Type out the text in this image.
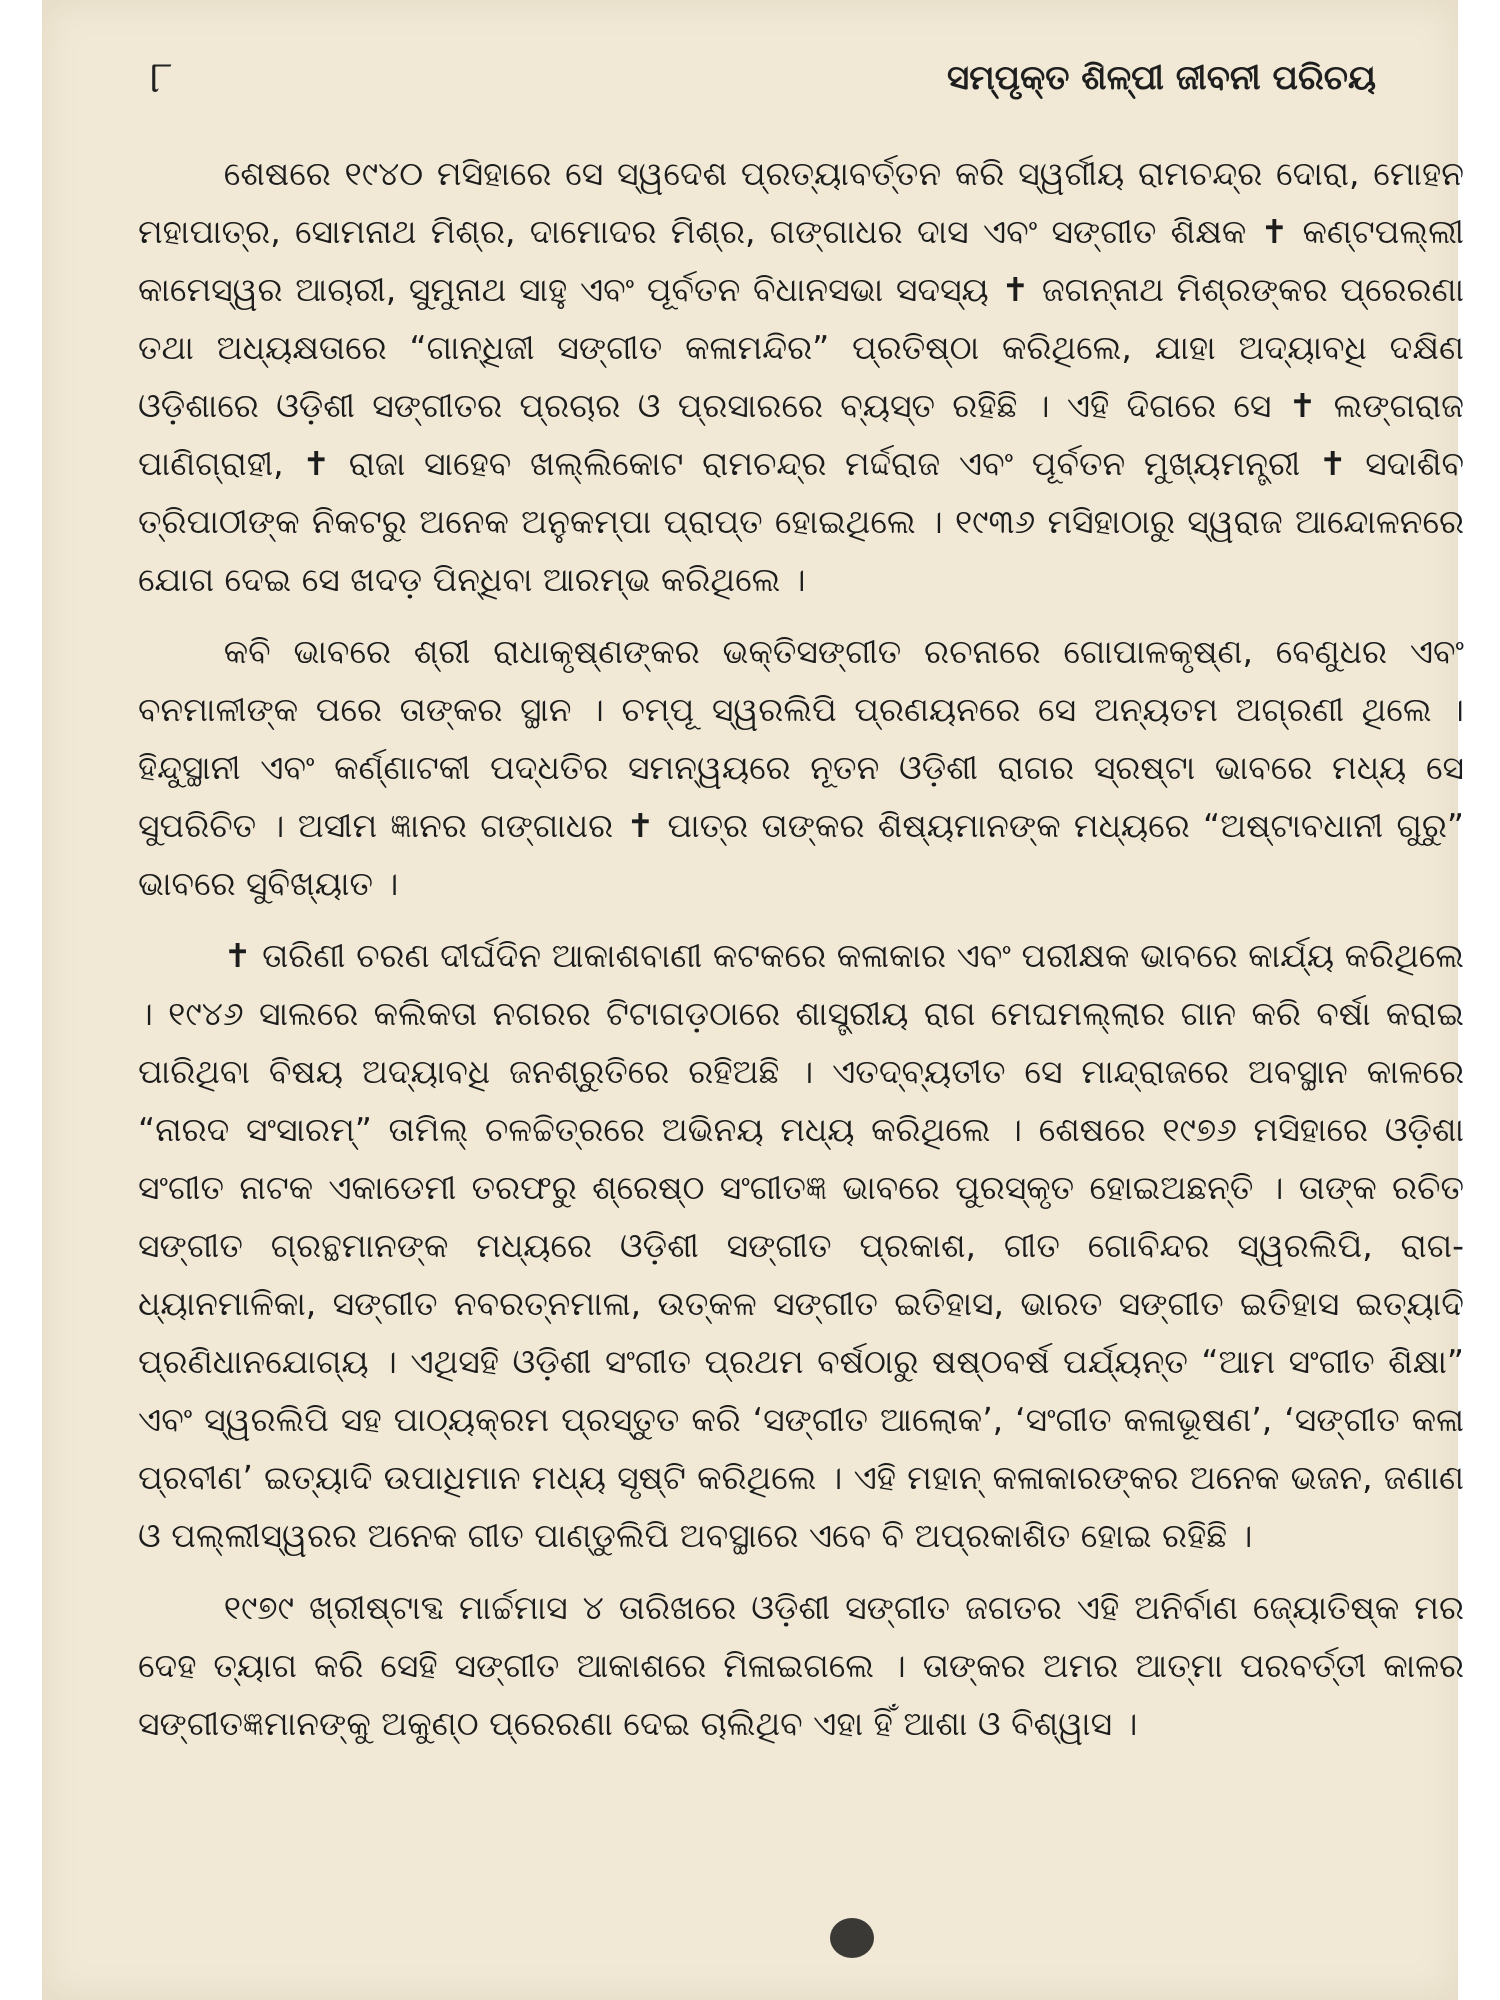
୮	ସମ୍ପୃକ୍ତ ଶିଳ୍ପୀ ଜୀବନୀ ପରିଚୟ

ଶେଷରେ ୧୯୪୦ ମସିହାରେ ସେ ସ୍ୱଦେଶ ପ୍ରତ୍ୟାବର୍ତ୍ତନ କରି ସ୍ୱର୍ଗୀୟ ରାମଚନ୍ଦ୍ର ଦୋରା, ମୋହନ ମହାପାତ୍ର, ସୋମନାଥ ମିଶ୍ର, ଦାମୋଦର ମିଶ୍ର, ଗଙ୍ଗାଧର ଦାସ ଏବଂ ସଙ୍ଗୀତ ଶିକ୍ଷକ ✝ କଣ୍ଟପଲ୍ଲୀ କାମେସ୍ୱର ଆଚାରୀ, ସୁମୁନାଥ ସାହୁ ଏବଂ ପୂର୍ବତନ ବିଧାନସଭା ସଦସ୍ୟ ✝ ଜଗନ୍ନାଥ ମିଶ୍ରଙ୍କର ପ୍ରେରଣା ତଥା ଅଧ୍ୟକ୍ଷତାରେ “ଗାନ୍ଧିଜୀ ସଙ୍ଗୀତ କଳାମନ୍ଦିର” ପ୍ରତିଷ୍ଠା କରିଥିଲେ, ଯାହା ଅଦ୍ୟାବଧି ଦକ୍ଷିଣ ଓଡ଼ିଶାରେ ଓଡ଼ିଶୀ ସଙ୍ଗୀତର ପ୍ରଚାର ଓ ପ୍ରସାରରେ ବ୍ୟସ୍ତ ରହିଛି । ଏହି ଦିଗରେ ସେ ✝ ଲଙ୍ଗରାଜ ପାଣିଗ୍ରାହୀ, ✝ ରାଜା ସାହେବ ଖଲ୍ଲିକୋଟ ରାମଚନ୍ଦ୍ର ମର୍ଦ୍ଦରାଜ ଏବଂ ପୂର୍ବତନ ମୁଖ୍ୟମନ୍ତ୍ରୀ ✝ ସଦାଶିବ ତ୍ରିପାଠୀଙ୍କ ନିକଟରୁ ଅନେକ ଅନୁକମ୍ପା ପ୍ରାପ୍ତ ହୋଇଥିଲେ । ୧୯୩୬ ମସିହାଠାରୁ ସ୍ୱରାଜ ଆନ୍ଦୋଳନରେ ଯୋଗ ଦେଇ ସେ ଖଦଡ଼ ପିନ୍ଧିବା ଆରମ୍ଭ କରିଥିଲେ ।

କବି ଭାବରେ ଶ୍ରୀ ରାଧାକୃଷ୍ଣଙ୍କର ଭକ୍ତିସଙ୍ଗୀତ ରଚନାରେ ଗୋପାଳକୃଷ୍ଣ, ବେଣୁଧର ଏବଂ ବନମାଳୀଙ୍କ ପରେ ତାଙ୍କର ସ୍ଥାନ । ଚମ୍ପୂ ସ୍ୱରଲିପି ପ୍ରଣୟନରେ ସେ ଅନ୍ୟତମ ଅଗ୍ରଣୀ ଥିଲେ । ହିନ୍ଦୁସ୍ଥାନୀ ଏବଂ କର୍ଣ୍ଣାଟକୀ ପଦ୍ଧତିର ସମନ୍ୱୟରେ ନୂତନ ଓଡ଼ିଶୀ ରାଗର ସ୍ରଷ୍ଟା ଭାବରେ ମଧ୍ୟ ସେ ସୁପରିଚିତ । ଅସୀମ ଜ୍ଞାନର ଗଙ୍ଗାଧର ✝ ପାତ୍ର ତାଙ୍କର ଶିଷ୍ୟମାନଙ୍କ ମଧ୍ୟରେ “ଅଷ୍ଟାବଧାନୀ ଗୁରୁ” ଭାବରେ ସୁବିଖ୍ୟାତ ।

✝ ତାରିଣୀ ଚରଣ ଦୀର୍ଘଦିନ ଆକାଶବାଣୀ କଟକରେ କଳାକାର ଏବଂ ପରୀକ୍ଷକ ଭାବରେ କାର୍ଯ୍ୟ କରିଥିଲେ । ୧୯୪୬ ସାଲରେ କଲିକତା ନଗରର ଟିଟାଗଡ଼ଠାରେ ଶାସ୍ତ୍ରୀୟ ରାଗ ମେଘମଲ୍ଲାର ଗାନ କରି ବର୍ଷା କରାଇ ପାରିଥିବା ବିଷୟ ଅଦ୍ୟାବଧି ଜନଶ୍ରୁତିରେ ରହିଅଛି । ଏତଦ୍‌ବ୍ୟତୀତ ସେ ମାନ୍ଦ୍ରାଜରେ ଅବସ୍ଥାନ କାଳରେ “ନାରଦ ସଂସାରମ୍” ତାମିଲ୍ ଚଳଚ୍ଚିତ୍ରରେ ଅଭିନୟ ମଧ୍ୟ କରିଥିଲେ । ଶେଷରେ ୧୯୭୬ ମସିହାରେ ଓଡ଼ିଶା ସଂଗୀତ ନାଟକ ଏକାଡେମୀ ତରଫରୁ ଶ୍ରେଷ୍ଠ ସଂଗୀତଜ୍ଞ ଭାବରେ ପୁରସ୍କୃତ ହୋଇଅଛନ୍ତି । ତାଙ୍କ ରଚିତ ସଙ୍ଗୀତ ଗ୍ରନ୍ଥମାନଙ୍କ ମଧ୍ୟରେ ଓଡ଼ିଶୀ ସଙ୍ଗୀତ ପ୍ରକାଶ, ଗୀତ ଗୋବିନ୍ଦର ସ୍ୱରଲିପି, ରାଗ-ଧ୍ୟାନମାଳିକା, ସଙ୍ଗୀତ ନବରତ୍ନମାଳା, ଉତ୍କଳ ସଙ୍ଗୀତ ଇତିହାସ, ଭାରତ ସଙ୍ଗୀତ ଇତିହାସ ଇତ୍ୟାଦି ପ୍ରଣିଧାନଯୋଗ୍ୟ । ଏଥିସହି ଓଡ଼ିଶୀ ସଂଗୀତ ପ୍ରଥମ ବର୍ଷଠାରୁ ଷଷ୍ଠବର୍ଷ ପର୍ଯ୍ୟନ୍ତ “ଆମ ସଂଗୀତ ଶିକ୍ଷା” ଏବଂ ସ୍ୱରଲିପି ସହ ପାଠ୍ୟକ୍ରମ ପ୍ରସ୍ତୁତ କରି ‘ସଙ୍ଗୀତ ଆଲୋକ’, ‘ସଂଗୀତ କଳାଭୂଷଣ’, ‘ସଙ୍ଗୀତ କଳା ପ୍ରବୀଣ’ ଇତ୍ୟାଦି ଉପାଧିମାନ ମଧ୍ୟ ସୃଷ୍ଟି କରିଥିଲେ । ଏହି ମହାନ୍ କଳାକାରଙ୍କର ଅନେକ ଭଜନ, ଜଣାଣ ଓ ପଲ୍ଲୀସ୍ୱରର ଅନେକ ଗୀତ ପାଣ୍ଡୁଲିପି ଅବସ୍ଥାରେ ଏବେ ବି ଅପ୍ରକାଶିତ ହୋଇ ରହିଛି ।

୧୯୭୯ ଖ୍ରୀଷ୍ଟାବ୍ଦ ମାର୍ଚ୍ଚମାସ ୪ ତାରିଖରେ ଓଡ଼ିଶୀ ସଙ୍ଗୀତ ଜଗତର ଏହି ଅନିର୍ବାଣ ଜ୍ୟୋତିଷ୍କ ମର ଦେହ ତ୍ୟାଗ କରି ସେହି ସଙ୍ଗୀତ ଆକାଶରେ ମିଳାଇଗଲେ । ତାଙ୍କର ଅମର ଆତ୍ମା ପରବର୍ତ୍ତୀ କାଳର ସଙ୍ଗୀତଜ୍ଞମାନଙ୍କୁ ଅକୁଣ୍ଠ ପ୍ରେରଣା ଦେଇ ଚାଲିଥିବ ଏହା ହିଁ ଆଶା ଓ ବିଶ୍ୱାସ ।
